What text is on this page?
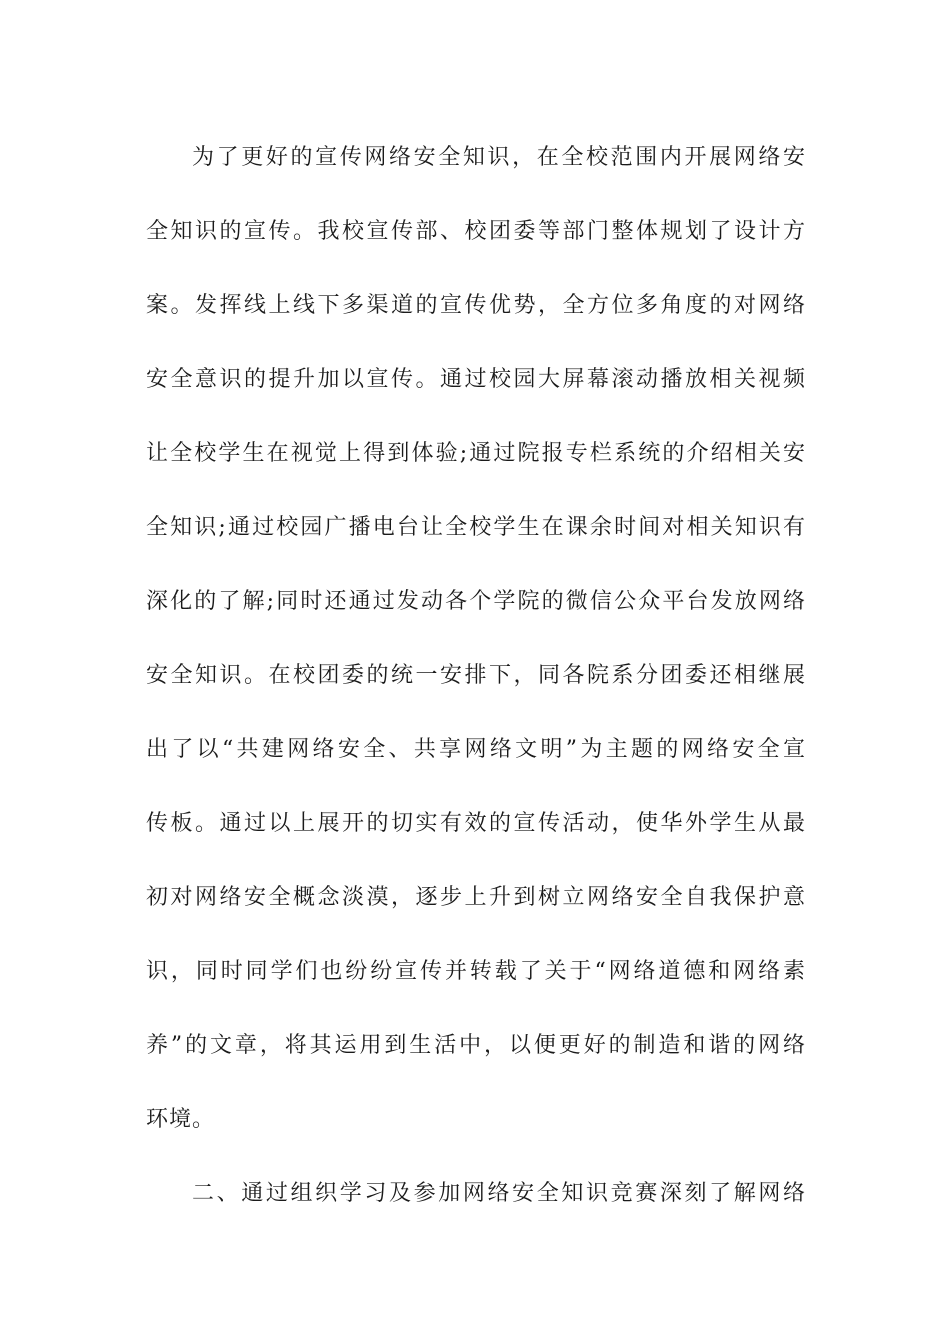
为了更好的宣传网络安全知识，在全校范围内开展网络安
全知识的宣传。我校宣传部、校团委等部门整体规划了设计方
案。发挥线上线下多渠道的宣传优势，全方位多角度的对网络
安全意识的提升加以宣传。通过校园大屏幕滚动播放相关视频
让全校学生在视觉上得到体验;通过院报专栏系统的介绍相关安
全知识;通过校园广播电台让全校学生在课余时间对相关知识有
深化的了解;同时还通过发动各个学院的微信公众平台发放网络
安全知识。在校团委的统一安排下，同各院系分团委还相继展
出了以“共建网络安全、共享网络文明”为主题的网络安全宣
传板。通过以上展开的切实有效的宣传活动，使华外学生从最
初对网络安全概念淡漠，逐步上升到树立网络安全自我保护意
识，同时同学们也纷纷宣传并转载了关于“网络道德和网络素
养”的文章，将其运用到生活中，以便更好的制造和谐的网络
环境。
二、通过组织学习及参加网络安全知识竞赛深刻了解网络
